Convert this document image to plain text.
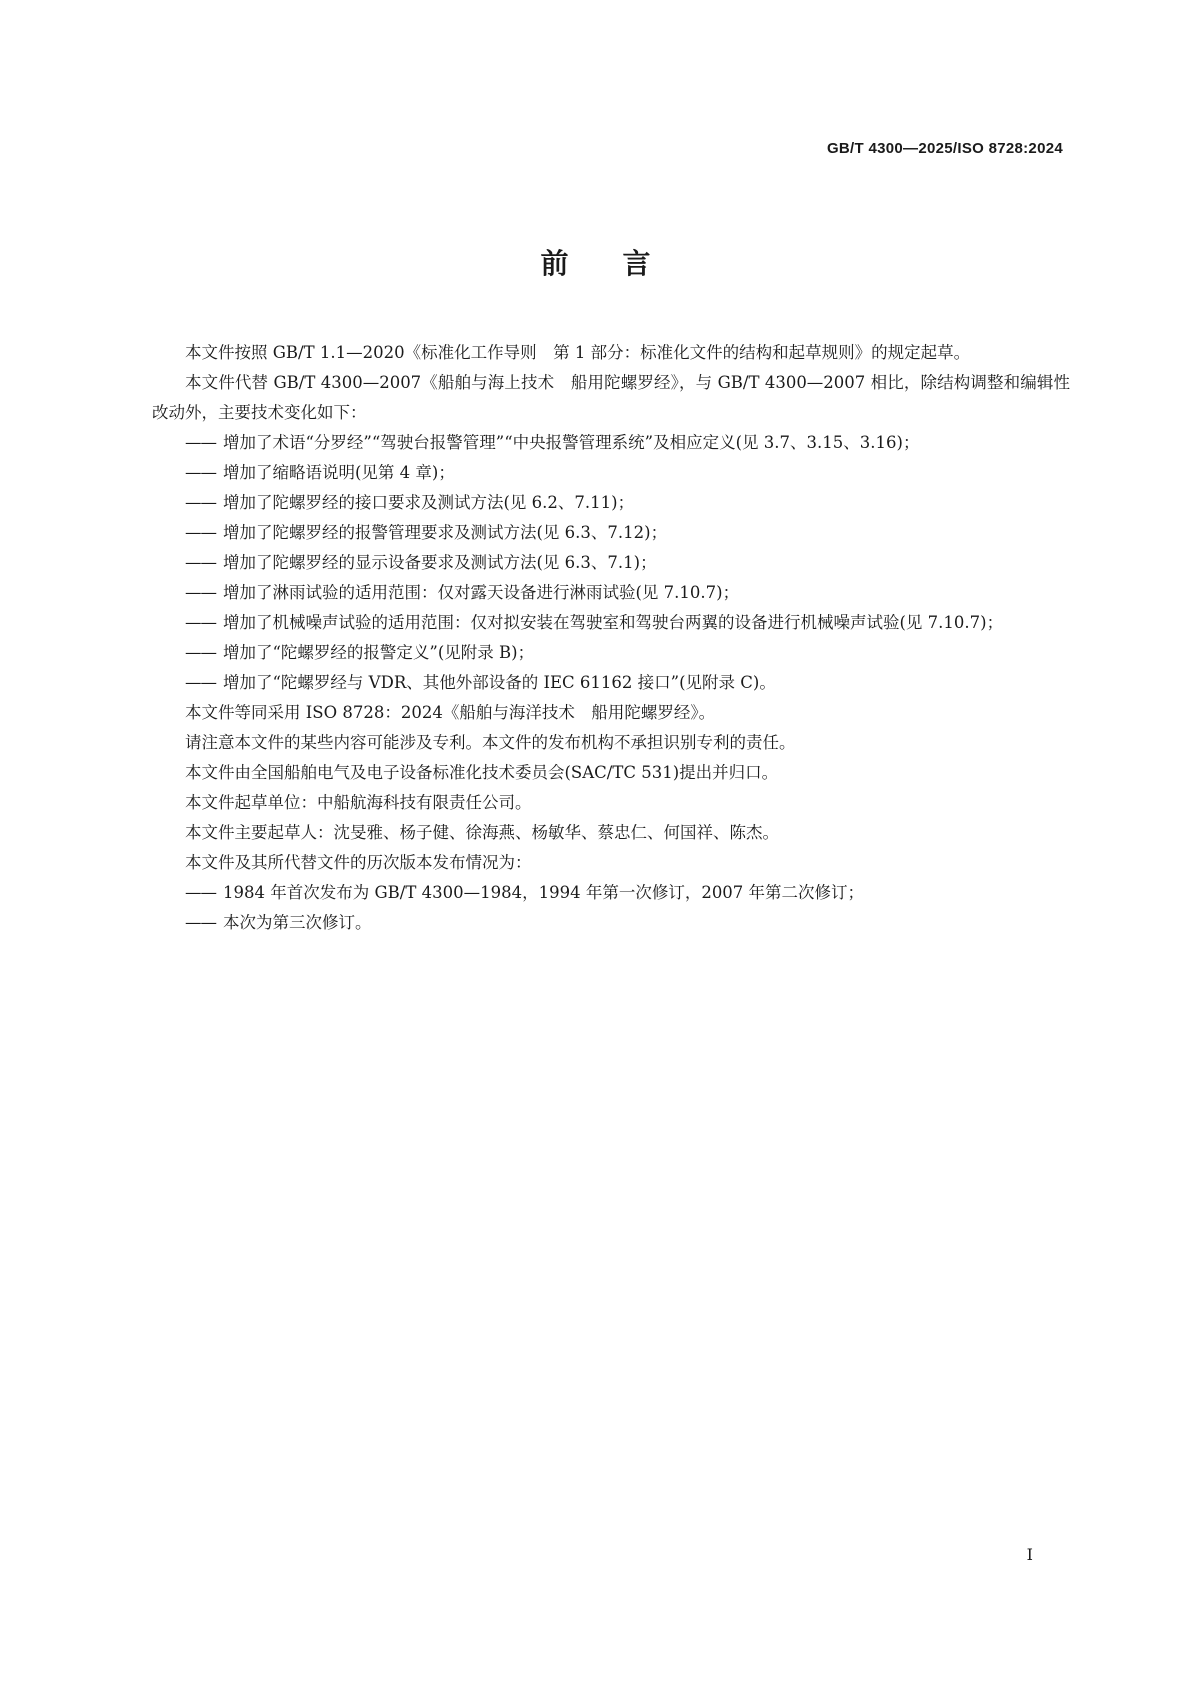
GB/T 4300—2025/ISO 8728:2024
前 言

本文件按照 GB/T 1.1—2020《标准化工作导则　第 1 部分：标准化文件的结构和起草规则》的规定起草。

本文件代替 GB/T 4300—2007《船舶与海上技术　船用陀螺罗经》，与 GB/T 4300—2007 相比，除结构调整和编辑性改动外，主要技术变化如下：

—— 增加了术语“分罗经”“驾驶台报警管理”“中央报警管理系统”及相应定义(见 3.7、3.15、3.16)；

—— 增加了缩略语说明(见第 4 章)；

—— 增加了陀螺罗经的接口要求及测试方法(见 6.2、7.11)；

—— 增加了陀螺罗经的报警管理要求及测试方法(见 6.3、7.12)；

—— 增加了陀螺罗经的显示设备要求及测试方法(见 6.3、7.1)；

—— 增加了淋雨试验的适用范围：仅对露天设备进行淋雨试验(见 7.10.7)；

—— 增加了机械噪声试验的适用范围：仅对拟安装在驾驶室和驾驶台两翼的设备进行机械噪声试验(见 7.10.7)；

—— 增加了“陀螺罗经的报警定义”(见附录 B)；

—— 增加了“陀螺罗经与 VDR、其他外部设备的 IEC 61162 接口”(见附录 C)。

本文件等同采用 ISO 8728：2024《船舶与海洋技术　船用陀螺罗经》。

请注意本文件的某些内容可能涉及专利。本文件的发布机构不承担识别专利的责任。

本文件由全国船舶电气及电子设备标准化技术委员会(SAC/TC 531)提出并归口。

本文件起草单位：中船航海科技有限责任公司。

本文件主要起草人：沈旻雅、杨子健、徐海燕、杨敏华、蔡忠仁、何国祥、陈杰。

本文件及其所代替文件的历次版本发布情况为：

—— 1984 年首次发布为 GB/T 4300—1984，1994 年第一次修订，2007 年第二次修订；

—— 本次为第三次修订。

I
